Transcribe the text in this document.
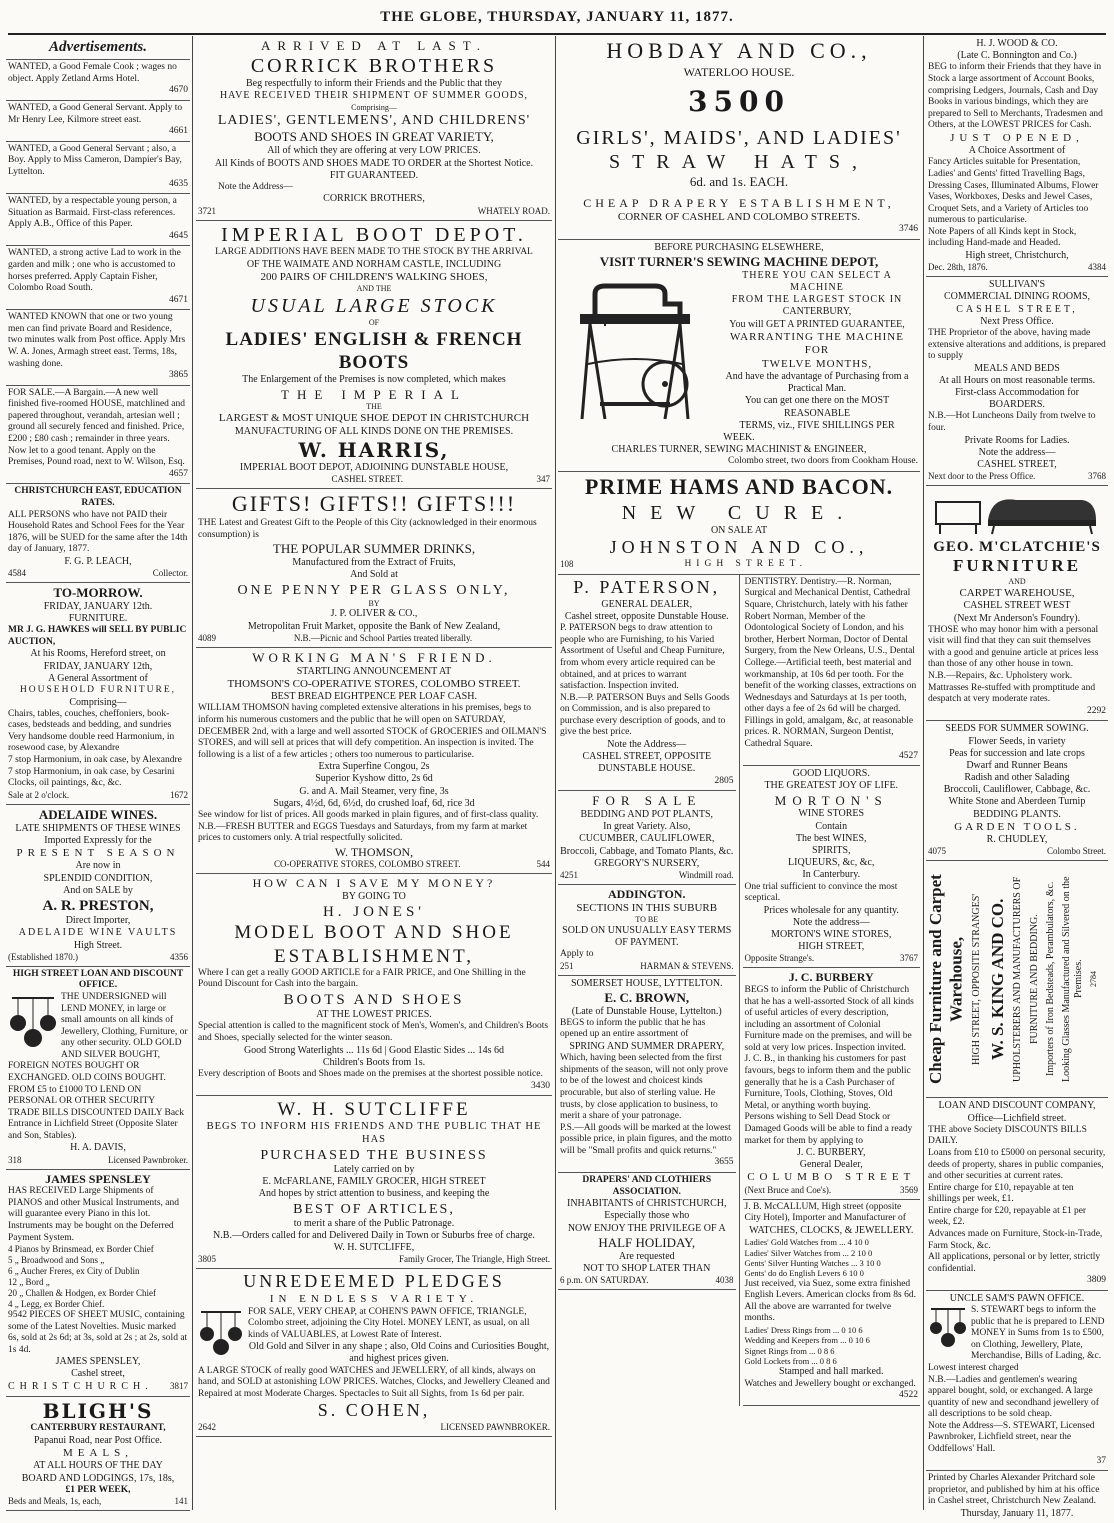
THE GLOBE, THURSDAY, JANUARY 11, 1877.
Advertisements.

WANTED, a Good Female Cook ; wages no object. Apply Zetland Arms Hotel.

4670

WANTED, a Good General Servant. Apply to Mr Henry Lee, Kilmore street east.

4661

WANTED, a Good General Servant ; also, a Boy. Apply to Miss Cameron, Dampier's Bay, Lyttelton.

4635

WANTED, by a respectable young person, a Situation as Barmaid. First-class references. Apply A.B., Office of this Paper.

4645

WANTED, a strong active Lad to work in the garden and milk ; one who is accustomed to horses preferred. Apply Captain Fisher, Colombo Road South.

4671

WANTED KNOWN that one or two young men can find private Board and Residence, two minutes walk from Post office. Apply Mrs W. A. Jones, Armagh street east. Terms, 18s, washing done.

3865

FOR SALE.—A Bargain.—A new well finished five-roomed HOUSE, matchlined and papered throughout, verandah, artesian well ; ground all securely fenced and finished. Price, £200 ; £80 cash ; remainder in three years. Now let to a good tenant. Apply on the Premises, Pound road, next to W. Wilson, Esq.

4657

CHRISTCHURCH EAST, EDUCATION

RATES.

ALL PERSONS who have not PAID their Household Rates and School Fees for the Year 1876, will be SUED for the same after the 14th day of January, 1877.

F. G. P. LEACH,

4584	Collector.

TO-MORROW.

FRIDAY, JANUARY 12th.

FURNITURE.

MR J. G. HAWKES will SELL BY PUBLIC AUCTION,

At his Rooms, Hereford street, on

FRIDAY, JANUARY 12th,

A General Assortment of

HOUSEHOLD FURNITURE,

Comprising—

Chairs, tables, couches, cheffoniers, book-cases, bedsteads and bedding, and sundries

Very handsome double reed Harmonium, in rosewood case, by Alexandre

7 stop Harmonium, in oak case, by Alexandre

7 stop Harmonium, in oak case, by Cesarini Clocks, oil paintings, &c, &c.

Sale at 2 o'clock.	1672

ADELAIDE WINES.

LATE SHIPMENTS OF THESE WINES

Imported Expressly for the

PRESENT SEASON

Are now in

SPLENDID CONDITION,

And on SALE by

A. R. PRESTON,

Direct Importer,

ADELAIDE WINE VAULTS

High Street.

(Established 1870.)	4356

HIGH STREET LOAN AND DISCOUNT OFFICE.

THE UNDERSIGNED will LEND MONEY, in large or small amounts on all kinds of Jewellery, Clothing, Furniture, or any other security. OLD GOLD AND SILVER BOUGHT, FOREIGN NOTES BOUGHT OR EXCHANGED. OLD COINS BOUGHT. FROM £5 to £1000 TO LEND ON PERSONAL OR OTHER SECURITY TRADE BILLS DISCOUNTED DAILY Back Entrance in Lichfield Street (Opposite Slater and Son, Stables).

H. A. DAVIS,

318	Licensed Pawnbroker.

JAMES SPENSLEY

HAS RECEIVED Large Shipments of PIANOS and other Musical Instruments, and will guarantee every Piano in this lot. Instruments may be bought on the Deferred Payment System.

4 Pianos by Brinsmead, ex Border Chief

5 „ Broadwood and Sons „

6 „ Aucher Freres, ex City of Dublin

12 „ Bord „

20 „ Challen & Hodgen, ex Border Chief

4 „ Legg, ex Border Chief.

9542 PIECES OF SHEET MUSIC, containing some of the Latest Novelties. Music marked 6s, sold at 2s 6d; at 3s, sold at 2s ; at 2s, sold at 1s 4d.

JAMES SPENSLEY,

Cashel street,

CHRISTCHURCH. 3817

BLIGH'S

CANTERBURY RESTAURANT,

Papanui Road, near Post Office.

MEALS,

AT ALL HOURS OF THE DAY

BOARD AND LODGINGS, 17s, 18s,

£1 PER WEEK,

Beds and Meals, 1s, each,	141

ARRIVED AT LAST.

CORRICK BROTHERS

Beg respectfully to inform their Friends and the Public that they

HAVE RECEIVED THEIR SHIPMENT OF SUMMER GOODS,

Comprising—

LADIES', GENTLEMENS', AND CHILDRENS'

BOOTS AND SHOES IN GREAT VARIETY,

All of which they are offering at very LOW PRICES.

All Kinds of BOOTS AND SHOES MADE TO ORDER at the Shortest Notice.

FIT GUARANTEED.

Note the Address—

CORRICK BROTHERS,

3721	WHATELY ROAD.

IMPERIAL BOOT DEPOT.

LARGE ADDITIONS HAVE BEEN MADE TO THE STOCK BY THE ARRIVAL

OF THE WAIMATE AND NORHAM CASTLE, INCLUDING

200 PAIRS OF CHILDREN'S WALKING SHOES,

AND THE

USUAL LARGE STOCK

OF

LADIES' ENGLISH & FRENCH BOOTS

The Enlargement of the Premises is now completed, which makes

THE IMPERIAL

THE

LARGEST & MOST UNIQUE SHOE DEPOT IN CHRISTCHURCH

MANUFACTURING OF ALL KINDS DONE ON THE PREMISES.

W. HARRIS,

IMPERIAL BOOT DEPOT, ADJOINING DUNSTABLE HOUSE,

CASHEL STREET.	347

GIFTS! GIFTS!! GIFTS!!!

THE Latest and Greatest Gift to the People of this City (acknowledged in their enormous consumption) is

THE POPULAR SUMMER DRINKS,

Manufactured from the Extract of Fruits,

And Sold at

ONE PENNY PER GLASS ONLY,

BY

J. P. OLIVER & CO.,

Metropolitan Fruit Market, opposite the Bank of New Zealand,

4089	N.B.—Picnic and School Parties treated liberally.

WORKING MAN'S FRIEND.

STARTLING ANNOUNCEMENT AT

THOMSON'S CO-OPERATIVE STORES, COLOMBO STREET.

BEST BREAD EIGHTPENCE PER LOAF CASH.

WILLIAM THOMSON having completed extensive alterations in his premises, begs to inform his numerous customers and the public that he will open on SATURDAY, DECEMBER 2nd, with a large and well assorted STOCK of GROCERIES and OILMAN'S STORES, and will sell at prices that will defy competition. An inspection is invited. The following is a list of a few articles ; others too numerous to particularise.

Extra Superfine Congou, 2s

Superior Kyshow ditto, 2s 6d

G. and A. Mail Steamer, very fine, 3s

Sugars, 4½d, 6d, 6½d, do crushed loaf, 6d, rice 3d

See window for list of prices. All goods marked in plain figures, and of first-class quality.

N.B.—FRESH BUTTER and EGGS Tuesdays and Saturdays, from my farm at market prices to customers only. A trial respectfully solicited.

W. THOMSON,

CO-OPERATIVE STORES, COLOMBO STREET.	544

HOW CAN I SAVE MY MONEY?

BY GOING TO

H. JONES'

MODEL BOOT AND SHOE

ESTABLISHMENT,

Where I can get a really GOOD ARTICLE for a FAIR PRICE, and One Shilling in the Pound Discount for Cash into the bargain.

BOOTS AND SHOES

AT THE LOWEST PRICES.

Special attention is called to the magnificent stock of Men's, Women's, and Children's Boots and Shoes, specially selected for the winter season.

Good Strong Waterlights ... 11s 6d | Good Elastic Sides ... 14s 6d

Children's Boots from 1s.

Every description of Boots and Shoes made on the premises at the shortest possible notice.

3430

W. H. SUTCLIFFE

BEGS TO INFORM HIS FRIENDS AND THE PUBLIC THAT HE HAS

PURCHASED THE BUSINESS

Lately carried on by

E. McFARLANE, FAMILY GROCER, HIGH STREET

And hopes by strict attention to business, and keeping the

BEST OF ARTICLES,

to merit a share of the Public Patronage.

N.B.—Orders called for and Delivered Daily in Town or Suburbs free of charge.

W. H. SUTCLIFFE,

3805	Family Grocer, The Triangle, High Street.

UNREDEEMED PLEDGES

IN ENDLESS VARIETY.

FOR SALE, VERY CHEAP, at COHEN'S PAWN OFFICE, TRIANGLE, Colombo street, adjoining the City Hotel. MONEY LENT, as usual, on all kinds of VALUABLES, at Lowest Rate of Interest.

Old Gold and Silver in any shape ; also, Old Coins and Curiosities Bought, and highest prices given.

A LARGE STOCK of really good WATCHES and JEWELLERY, of all kinds, always on hand, and SOLD at astonishing LOW PRICES. Watches, Clocks, and Jewellery Cleaned and Repaired at most Moderate Charges. Spectacles to Suit all Sights, from 1s 6d per pair.

S. COHEN,

2642	LICENSED PAWNBROKER.

HOBDAY AND CO.,

WATERLOO HOUSE.

3500

GIRLS', MAIDS', AND LADIES'

STRAW HATS,

6d. and 1s. EACH.

CHEAP DRAPERY ESTABLISHMENT,

CORNER OF CASHEL AND COLOMBO STREETS.

3746

BEFORE PURCHASING ELSEWHERE,

VISIT TURNER'S SEWING MACHINE DEPOT,

THERE YOU CAN SELECT A MACHINE

FROM THE LARGEST STOCK IN

CANTERBURY,

You will GET A PRINTED GUARANTEE,

WARRANTING THE MACHINE FOR

TWELVE MONTHS,

And have the advantage of Purchasing from a

Practical Man.

You can get one there on the MOST REASONABLE

TERMS, viz., FIVE SHILLINGS PER

WEEK.

CHARLES TURNER, SEWING MACHINIST & ENGINEER,

Colombo street, two doors from Cookham House.

PRIME HAMS AND BACON.

NEW CURE.

ON SALE AT

JOHNSTON AND CO.,

108	HIGH STREET.

P. PATERSON,

GENERAL DEALER,

Cashel street, opposite Dunstable House.

P. PATERSON begs to draw attention to people who are Furnishing, to his Varied Assortment of Useful and Cheap Furniture, from whom every article required can be obtained, and at prices to warrant satisfaction. Inspection invited.

N.B.—P. PATERSON Buys and Sells Goods on Commission, and is also prepared to purchase every description of goods, and to give the best price.

Note the Address—

CASHEL STREET, OPPOSITE DUNSTABLE HOUSE.

2805

FOR SALE

BEDDING AND POT PLANTS,

In great Variety. Also,

CUCUMBER, CAULIFLOWER,

Broccoli, Cabbage, and Tomato Plants, &c.

GREGORY'S NURSERY,

4251	Windmill road.

ADDINGTON.

SECTIONS IN THIS SUBURB

TO BE

SOLD ON UNUSUALLY EASY TERMS

OF PAYMENT.

Apply to

251	HARMAN & STEVENS.

SOMERSET HOUSE, LYTTELTON.

E. C. BROWN,

(Late of Dunstable House, Lyttelton.)

BEGS to inform the public that he has opened up an entire assortment of

SPRING AND SUMMER DRAPERY,

Which, having been selected from the first shipments of the season, will not only prove to be of the lowest and choicest kinds procurable, but also of sterling value. He trusts, by close application to business, to merit a share of your patronage.

P.S.—All goods will be marked at the lowest possible price, in plain figures, and the motto will be "Small profits and quick returns."

3655

DRAPERS' AND CLOTHIERS ASSOCIATION.

INHABITANTS of CHRISTCHURCH,

Especially those who

NOW ENJOY THE PRIVILEGE OF A

HALF HOLIDAY,

Are requested

NOT TO SHOP LATER THAN

6 p.m. ON SATURDAY.	4038

DENTISTRY. Dentistry.—R. Norman, Surgical and Mechanical Dentist, Cathedral Square, Christchurch, lately with his father Robert Norman, Member of the Odontological Society of London, and his brother, Herbert Norman, Doctor of Dental Surgery, from the New Orleans, U.S., Dental College.—Artificial teeth, best material and workmanship, at 10s 6d per tooth. For the benefit of the working classes, extractions on Wednesdays and Saturdays at 1s per tooth, other days a fee of 2s 6d will be charged. Fillings in gold, amalgam, &c, at reasonable prices. R. NORMAN, Surgeon Dentist, Cathedral Square.

4527

GOOD LIQUORS.

THE GREATEST JOY OF LIFE.

MORTON'S

WINE STORES

Contain

The best WINES,

SPIRITS,

LIQUEURS, &c, &c,

In Canterbury.

One trial sufficient to convince the most sceptical.

Prices wholesale for any quantity.

Note the address—

MORTON'S WINE STORES,

HIGH STREET,

Opposite Strange's.	3767

J. C. BURBERY

BEGS to inform the Public of Christchurch that he has a well-assorted Stock of all kinds of useful articles of every description, including an assortment of Colonial Furniture made on the premises, and will be sold at very low prices. Inspection invited.

J. C. B., in thanking his customers for past favours, begs to inform them and the public generally that he is a Cash Purchaser of Furniture, Tools, Clothing, Stoves, Old Metal, or anything worth buying.

Persons wishing to Sell Dead Stock or Damaged Goods will be able to find a ready market for them by applying to

J. C. BURBERY,

General Dealer,

COLUMBO STREET

(Next Bruce and Coe's).	3569

J. B. McCALLUM, High street (opposite City Hotel), Importer and Manufacturer of

WATCHES, CLOCKS, & JEWELLERY.

Ladies' Gold Watches from ... 4 10 0

Ladies' Silver Watches from ... 2 10 0

Gents' Silver Hunting Watches ... 3 10 0

Gents' do do English Levers 6 10 0

Just received, via Suez, some extra finished English Levers. American clocks from 8s 6d. All the above are warranted for twelve months.

Ladies' Dress Rings from ... 0 10 6

Wedding and Keepers from ... 0 10 6

Signet Rings from ... 0 8 6

Gold Lockets from ... 0 8 6

Stamped and hall marked.

Watches and Jewellery bought or exchanged.

4522

H. J. WOOD & CO.

(Late C. Bonnington and Co.)

BEG to inform their Friends that they have in Stock a large assortment of Account Books, comprising Ledgers, Journals, Cash and Day Books in various bindings, which they are prepared to Sell to Merchants, Tradesmen and Others, at the LOWEST PRICES for Cash.

JUST OPENED,

A Choice Assortment of

Fancy Articles suitable for Presentation, Ladies' and Gents' fitted Travelling Bags, Dressing Cases, Illuminated Albums, Flower Vases, Workboxes, Desks and Jewel Cases, Croquet Sets, and a Variety of Articles too numerous to particularise.

Note Papers of all Kinds kept in Stock, including Hand-made and Headed.

High street, Christchurch,

Dec. 28th, 1876.	4384

SULLIVAN'S

COMMERCIAL DINING ROOMS,

CASHEL STREET,

Next Press Office.

THE Proprietor of the above, having made extensive alterations and additions, is prepared to supply

MEALS AND BEDS

At all Hours on most reasonable terms.

First-class Accommodation for BOARDERS.

N.B.—Hot Luncheons Daily from twelve to four.

Private Rooms for Ladies.

Note the address—

CASHEL STREET,

Next door to the Press Office.	3768

GEO. M'CLATCHIE'S

FURNITURE

AND

CARPET WAREHOUSE,

CASHEL STREET WEST

(Next Mr Anderson's Foundry).

THOSE who may honor him with a personal visit will find that they can suit themselves with a good and genuine article at prices less than those of any other house in town.

N.B.—Repairs, &c. Upholstery work. Mattrasses Re-stuffed with promptitude and despatch at very moderate rates.

2292

SEEDS FOR SUMMER SOWING.

Flower Seeds, in variety

Peas for succession and late crops

Dwarf and Runner Beans

Radish and other Salading

Broccoli, Cauliflower, Cabbage, &c.

White Stone and Aberdeen Turnip

BEDDING PLANTS.

GARDEN TOOLS.

R. CHUDLEY,

4075	Colombo Street.
Cheap Furniture and Carpet Warehouse, HIGH STREET, OPPOSITE STRANGES' W. S. KING AND CO. UPHOLSTERERS AND MANUFACTURERS OF FURNITURE AND BEDDING. Importers of Iron Bedsteads, Perambulators, &c. Looking Glasses Manufactured and Silvered on the Premises. 2784

LOAN AND DISCOUNT COMPANY,

Office—Lichfield street.

THE above Society DISCOUNTS BILLS DAILY.

Loans from £10 to £5000 on personal security, deeds of property, shares in public companies, and other securities at current rates.

Entire charge for £10, repayable at ten shillings per week, £1.

Entire charge for £20, repayable at £1 per week, £2.

Advances made on Furniture, Stock-in-Trade, Farm Stock, &c.

All applications, personal or by letter, strictly confidential.

3809

UNCLE SAM'S PAWN OFFICE.

S. STEWART begs to inform the public that he is prepared to LEND MONEY in Sums from 1s to £500, on Clothing, Jewellery, Plate, Merchandise, Bills of Lading, &c. Lowest interest charged

N.B.—Ladies and gentlemen's wearing apparel bought, sold, or exchanged. A large quantity of new and secondhand jewellery of all descriptions to be sold cheap.

Note the Address—S. STEWART, Licensed Pawnbroker, Lichfield street, near the Oddfellows' Hall.

37

Printed by Charles Alexander Pritchard sole proprietor, and published by him at his office in Cashel street, Christchurch New Zealand.

Thursday, January 11, 1877.
